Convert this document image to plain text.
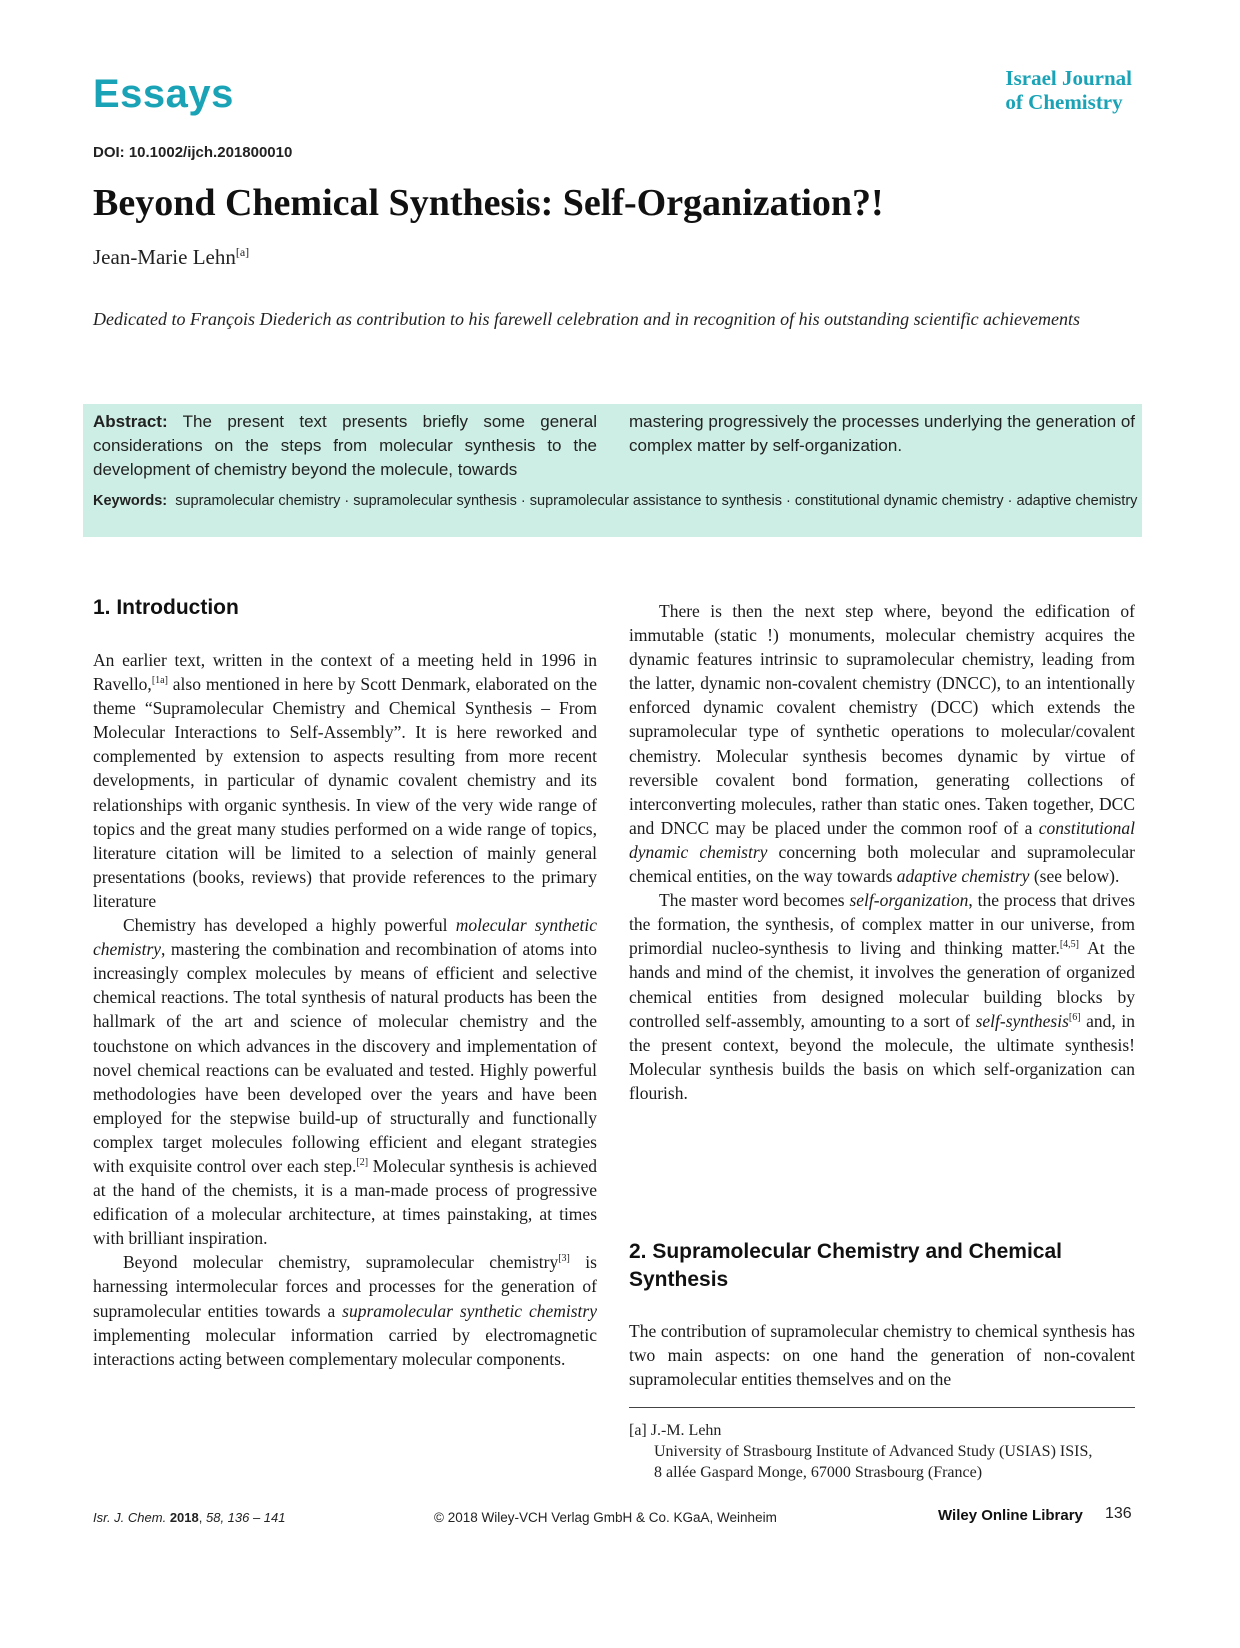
Essays	Israel Journal
of Chemistry
DOI: 10.1002/ijch.201800010
Beyond Chemical Synthesis: Self-Organization?!
Jean-Marie Lehn[a]
Dedicated to François Diederich as contribution to his farewell celebration and in recognition of his outstanding scientific achievements
Abstract: The present text presents briefly some general considerations on the steps from molecular synthesis to the development of chemistry beyond the molecule, towards
mastering progressively the processes underlying the generation of complex matter by self-organization.
Keywords: supramolecular chemistry · supramolecular synthesis · supramolecular assistance to synthesis · constitutional dynamic chemistry · adaptive chemistry
1. Introduction

An earlier text, written in the context of a meeting held in 1996 in Ravello,[1a] also mentioned in here by Scott Denmark, elaborated on the theme “Supramolecular Chemistry and Chemical Synthesis – From Molecular Interactions to Self-Assembly”. It is here reworked and complemented by extension to aspects resulting from more recent developments, in particular of dynamic covalent chemistry and its relationships with organic synthesis. In view of the very wide range of topics and the great many studies performed on a wide range of topics, literature citation will be limited to a selection of mainly general presentations (books, reviews) that provide references to the primary literature

Chemistry has developed a highly powerful molecular synthetic chemistry, mastering the combination and recombination of atoms into increasingly complex molecules by means of efficient and selective chemical reactions. The total synthesis of natural products has been the hallmark of the art and science of molecular chemistry and the touchstone on which advances in the discovery and implementation of novel chemical reactions can be evaluated and tested. Highly powerful methodologies have been developed over the years and have been employed for the stepwise build-up of structurally and functionally complex target molecules following efficient and elegant strategies with exquisite control over each step.[2] Molecular synthesis is achieved at the hand of the chemists, it is a man-made process of progressive edification of a molecular architecture, at times painstaking, at times with brilliant inspiration.

Beyond molecular chemistry, supramolecular chemistry[3] is harnessing intermolecular forces and processes for the generation of supramolecular entities towards a supramolecular synthetic chemistry implementing molecular information carried by electromagnetic interactions acting between complementary molecular components.

There is then the next step where, beyond the edification of immutable (static !) monuments, molecular chemistry acquires the dynamic features intrinsic to supramolecular chemistry, leading from the latter, dynamic non-covalent chemistry (DNCC), to an intentionally enforced dynamic covalent chemistry (DCC) which extends the supramolecular type of synthetic operations to molecular/covalent chemistry. Molecular synthesis becomes dynamic by virtue of reversible covalent bond formation, generating collections of interconverting molecules, rather than static ones. Taken together, DCC and DNCC may be placed under the common roof of a constitutional dynamic chemistry concerning both molecular and supramolecular chemical entities, on the way towards adaptive chemistry (see below).

The master word becomes self-organization, the process that drives the formation, the synthesis, of complex matter in our universe, from primordial nucleo-synthesis to living and thinking matter.[4,5] At the hands and mind of the chemist, it involves the generation of organized chemical entities from designed molecular building blocks by controlled self-assembly, amounting to a sort of self-synthesis[6] and, in the present context, beyond the molecule, the ultimate synthesis! Molecular synthesis builds the basis on which self-organization can flourish.

2. Supramolecular Chemistry and Chemical Synthesis

The contribution of supramolecular chemistry to chemical synthesis has two main aspects: on one hand the generation of non-covalent supramolecular entities themselves and on the

[a] J.-M. Lehn
University of Strasbourg Institute of Advanced Study (USIAS) ISIS,
8 allée Gaspard Monge, 67000 Strasbourg (France)
Isr. J. Chem. 2018, 58, 136 – 141	© 2018 Wiley-VCH Verlag GmbH & Co. KGaA, Weinheim	Wiley Online Library 136
